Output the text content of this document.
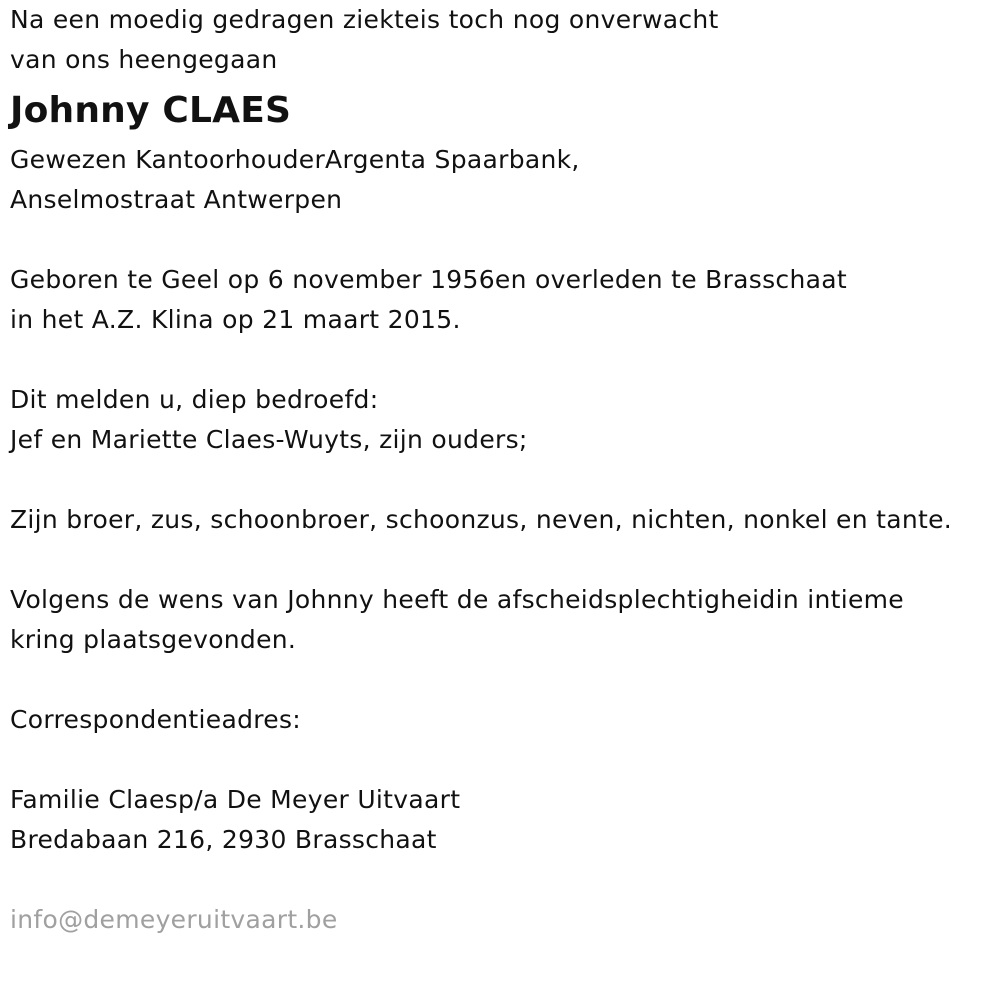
Na een moedig gedragen ziekteis toch nog onverwacht
van ons heengegaan
Johnny CLAES
Gewezen KantoorhouderArgenta Spaarbank,
Anselmostraat Antwerpen
Geboren te Geel op 6 november 1956en overleden te Brasschaat
in het A.Z. Klina op 21 maart 2015.
Dit melden u, diep bedroefd:
Jef en Mariette Claes-Wuyts, zijn ouders;
Zijn broer, zus, schoonbroer, schoonzus, neven, nichten, nonkel en tante.
Volgens de wens van Johnny heeft de afscheidsplechtigheidin intieme
kring plaatsgevonden.
Correspondentieadres:
Familie Claesp/a De Meyer Uitvaart
Bredabaan 216, 2930 Brasschaat
info@demeyeruitvaart.be
